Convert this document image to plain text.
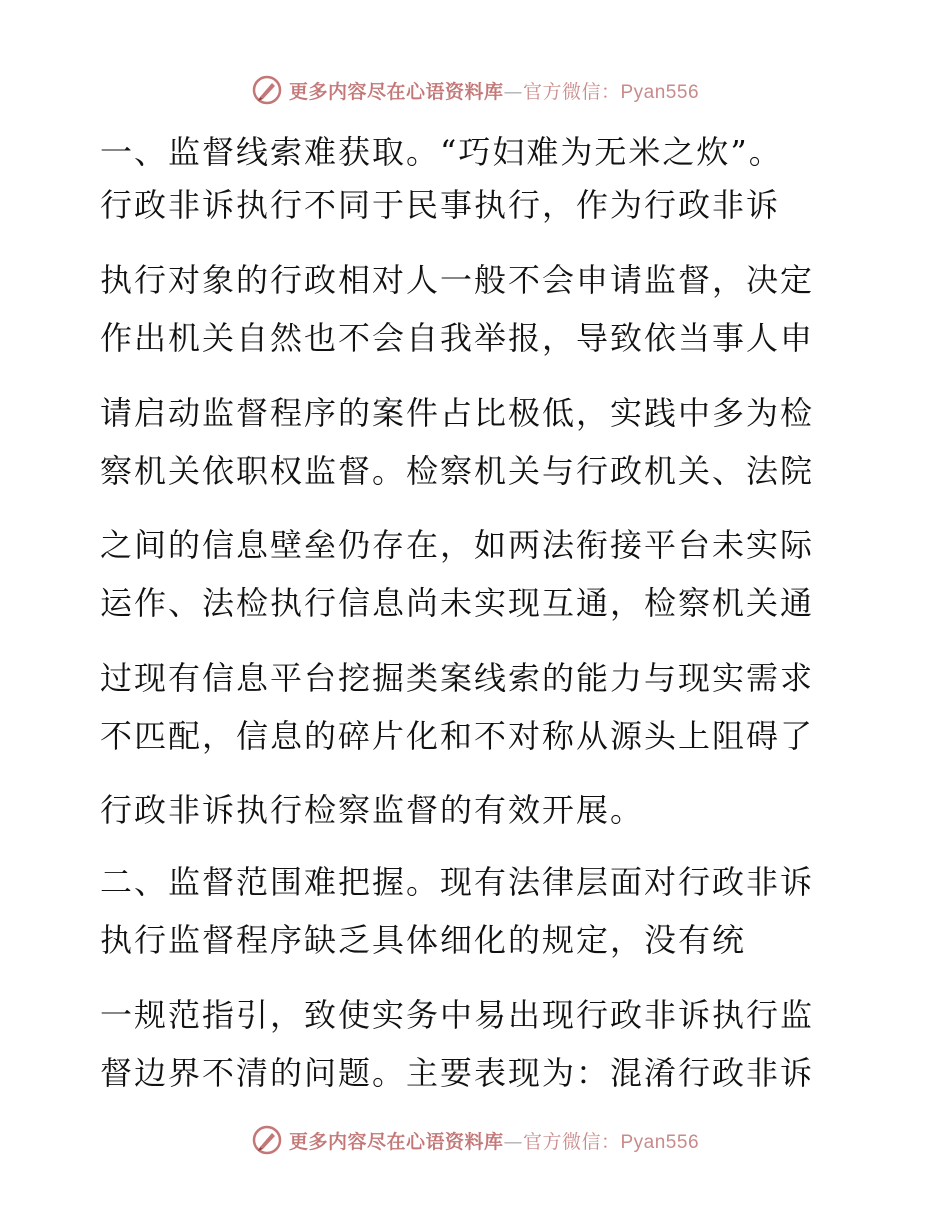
更多内容尽在心语资料库—官方微信：Pyan556
一、监督线索难获取。“巧妇难为无米之炊”。
行政非诉执行不同于民事执行，作为行政非诉
执行对象的行政相对人一般不会申请监督，决定
作出机关自然也不会自我举报，导致依当事人申
请启动监督程序的案件占比极低，实践中多为检
察机关依职权监督。检察机关与行政机关、法院
之间的信息壁垒仍存在，如两法衔接平台未实际
运作、法检执行信息尚未实现互通，检察机关通
过现有信息平台挖掘类案线索的能力与现实需求
不匹配，信息的碎片化和不对称从源头上阻碍了
行政非诉执行检察监督的有效开展。
二、监督范围难把握。现有法律层面对行政非诉
执行监督程序缺乏具体细化的规定，没有统
一规范指引，致使实务中易出现行政非诉执行监
督边界不清的问题。主要表现为：混淆行政非诉
更多内容尽在心语资料库—官方微信：Pyan556
